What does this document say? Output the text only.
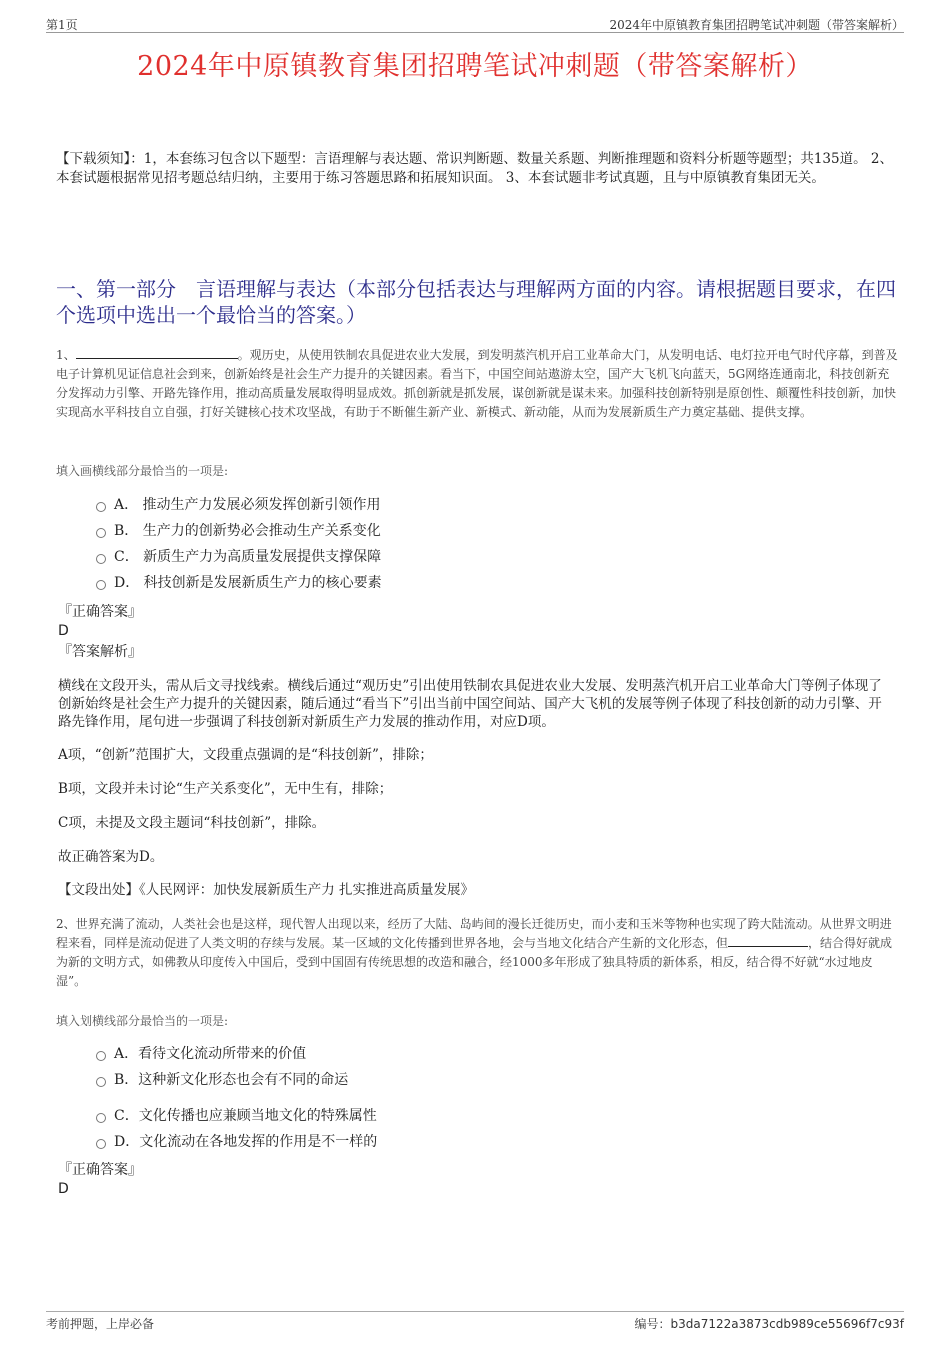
第1页	2024年中原镇教育集团招聘笔试冲刺题（带答案解析）
2024年中原镇教育集团招聘笔试冲刺题（带答案解析）
【下载须知】：1，本套练习包含以下题型：言语理解与表达题、常识判断题、数量关系题、判断推理题和资料分析题等题型；共135道。 2、本套试题根据常见招考题总结归纳，主要用于练习答题思路和拓展知识面。 3、本套试题非考试真题，且与中原镇教育集团无关。
一、第一部分　言语理解与表达（本部分包括表达与理解两方面的内容。请根据题目要求，在四个选项中选出一个最恰当的答案。）
1、	。观历史，从使用铁制农具促进农业大发展，到发明蒸汽机开启工业革命大门，从发明电话、电灯拉开电气时代序幕，到普及电子计算机见证信息社会到来，创新始终是社会生产力提升的关键因素。看当下，中国空间站遨游太空，国产大飞机飞向蓝天，5G网络连通南北，科技创新充分发挥动力引擎、开路先锋作用，推动高质量发展取得明显成效。抓创新就是抓发展，谋创新就是谋未来。加强科技创新特别是原创性、颠覆性科技创新，加快实现高水平科技自立自强，打好关键核心技术攻坚战，有助于不断催生新产业、新模式、新动能，从而为发展新质生产力奠定基础、提供支撑。
填入画横线部分最恰当的一项是:
A． 推动生产力发展必须发挥创新引领作用
B． 生产力的创新势必会推动生产关系变化
C． 新质生产力为高质量发展提供支撑保障
D． 科技创新是发展新质生产力的核心要素
『正确答案』
D
『答案解析』
横线在文段开头，需从后文寻找线索。横线后通过“观历史”引出使用铁制农具促进农业大发展、发明蒸汽机开启工业革命大门等例子体现了创新始终是社会生产力提升的关键因素，随后通过“看当下”引出当前中国空间站、国产大飞机的发展等例子体现了科技创新的动力引擎、开路先锋作用，尾句进一步强调了科技创新对新质生产力发展的推动作用，对应D项。
A项，“创新”范围扩大，文段重点强调的是“科技创新”，排除；
B项，文段并未讨论“生产关系变化”，无中生有，排除；
C项，未提及文段主题词“科技创新”，排除。
故正确答案为D。
【文段出处】《人民网评：加快发展新质生产力 扎实推进高质量发展》
2、世界充满了流动，人类社会也是这样，现代智人出现以来，经历了大陆、岛屿间的漫长迁徙历史，而小麦和玉米等物种也实现了跨大陆流动。从世界文明进程来看，同样是流动促进了人类文明的存续与发展。某一区域的文化传播到世界各地，会与当地文化结合产生新的文化形态，但	，结合得好就成为新的文明方式，如佛教从印度传入中国后，受到中国固有传统思想的改造和融合，经1000多年形成了独具特质的新体系，相反，结合得不好就“水过地皮湿”。
填入划横线部分最恰当的一项是:
A．看待文化流动所带来的价值
B．这种新文化形态也会有不同的命运
C．文化传播也应兼顾当地文化的特殊属性
D．文化流动在各地发挥的作用是不一样的
『正确答案』
D
考前押题，上岸必备	编号：b3da7122a3873cdb989ce55696f7c93f
